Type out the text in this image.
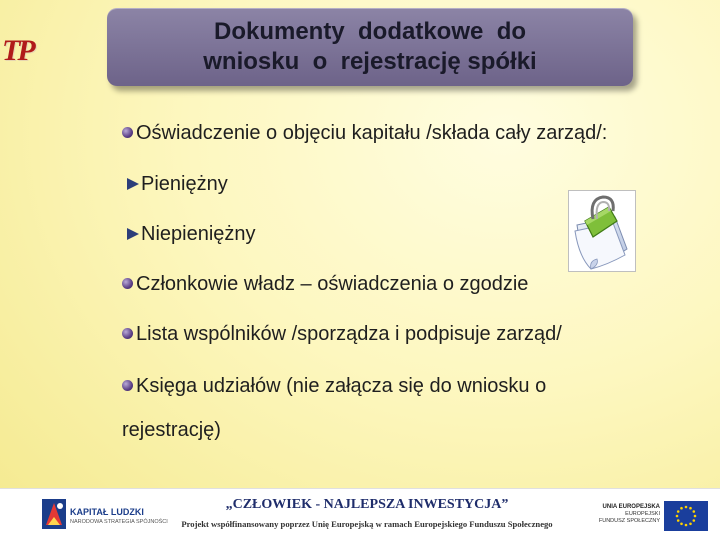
TP
Dokumenty  dodatkowe  do
wniosku  o  rejestrację spółki
Oświadczenie o objęciu kapitału /składa cały zarząd/:
Pieniężny
Niepieniężny
Członkowie władz – oświadczenia o zgodzie
Lista wspólników /sporządza i podpisuje zarząd/
Księga udziałów (nie załącza się do wniosku o
rejestrację)
KAPITAŁ LUDZKI
NARODOWA STRATEGIA SPÓJNOŚCI
„CZŁOWIEK - NAJLEPSZA INWESTYCJA”
Projekt współfinansowany poprzez Unię Europejską w ramach Europejskiego Funduszu Społecznego
UNIA EUROPEJSKA
EUROPEJSKI
FUNDUSZ SPOŁECZNY
